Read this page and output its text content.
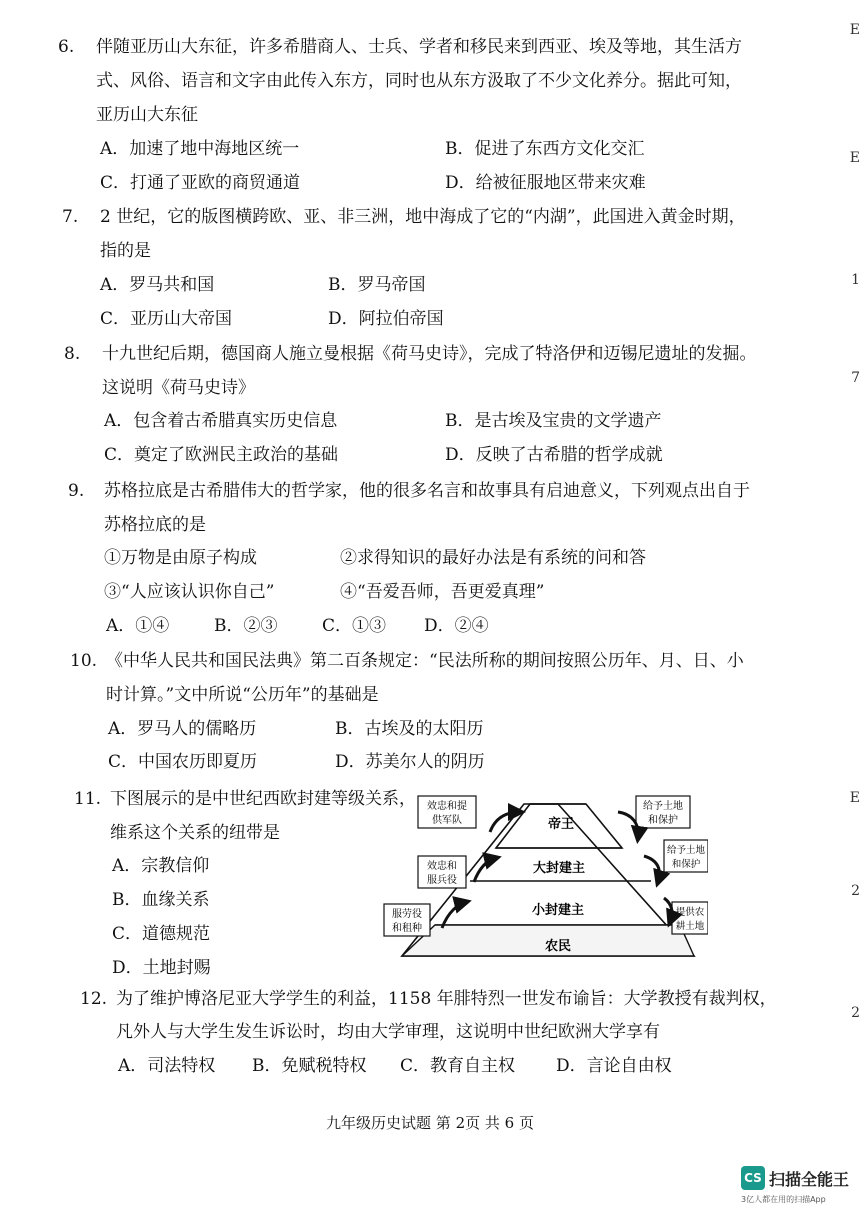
6. 伴随亚历山大东征，许多希腊商人、士兵、学者和移民来到西亚、埃及等地，其生活方
式、风俗、语言和文字由此传入东方，同时也从东方汲取了不少文化养分。据此可知，
亚历山大东征
A．加速了地中海地区统一	B．促进了东西方文化交汇
C．打通了亚欧的商贸通道	D．给被征服地区带来灾难
7. 2 世纪，它的版图横跨欧、亚、非三洲，地中海成了它的“内湖”，此国进入黄金时期，
指的是
A．罗马共和国	B．罗马帝国
C．亚历山大帝国	D．阿拉伯帝国
8. 十九世纪后期，德国商人施立曼根据《荷马史诗》，完成了特洛伊和迈锡尼遗址的发掘。
这说明《荷马史诗》
A．包含着古希腊真实历史信息	B．是古埃及宝贵的文学遗产
C．奠定了欧洲民主政治的基础	D．反映了古希腊的哲学成就
9. 苏格拉底是古希腊伟大的哲学家，他的很多名言和故事具有启迪意义，下列观点出自于
苏格拉底的是
①万物是由原子构成	②求得知识的最好办法是有系统的问和答
③“人应该认识你自己”	④“吾爱吾师，吾更爱真理”
A．①④	B．②③	C．①③ D．②④
10. 《中华人民共和国民法典》第二百条规定：“民法所称的期间按照公历年、月、日、小
时计算。”文中所说“公历年”的基础是
A．罗马人的儒略历	B．古埃及的太阳历
C．中国农历即夏历	D．苏美尔人的阴历
11. 下图展示的是中世纪西欧封建等级关系，
维系这个关系的纽带是
A．宗教信仰
B．血缘关系
C．道德规范
D．土地封赐
帝王
大封建主
小封建主
农民
效忠和提
供军队
效忠和
服兵役
服劳役
和租种
给予土地
和保护
给予土地
和保护
提供农
耕土地
12. 为了维护博洛尼亚大学学生的利益，1158 年腓特烈一世发布谕旨：大学教授有裁判权，
凡外人与大学生发生诉讼时，均由大学审理，这说明中世纪欧洲大学享有
A．司法特权 B．免赋税特权 C．教育自主权 D．言论自由权
九年级历史试题 第 2页 共 6 页
E
E
1
7
E
2
2
CS 扫描全能王
3亿人都在用的扫描App
